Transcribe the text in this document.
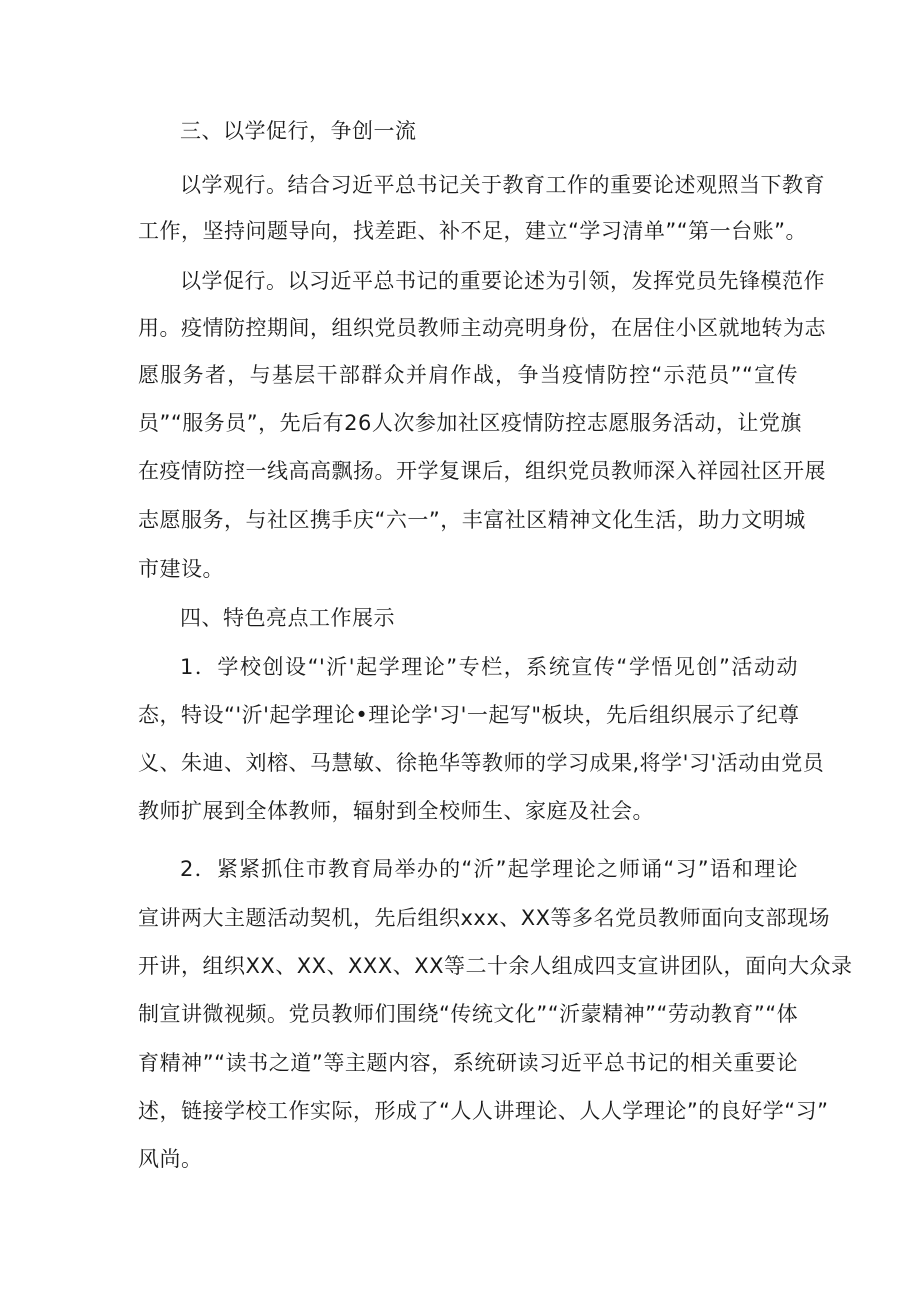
三、以学促行，争创一流
以学观行。结合习近平总书记关于教育工作的重要论述观照当下教育
工作，坚持问题导向，找差距、补不足，建立“学习清单”“第一台账”。
以学促行。以习近平总书记的重要论述为引领，发挥党员先锋模范作
用。疫情防控期间，组织党员教师主动亮明身份，在居住小区就地转为志
愿服务者，与基层干部群众并肩作战，争当疫情防控“示范员”“宣传
员”“服务员”，先后有26人次参加社区疫情防控志愿服务活动，让党旗
在疫情防控一线高高飘扬。开学复课后，组织党员教师深入祥园社区开展
志愿服务，与社区携手庆“六一”，丰富社区精神文化生活，助力文明城
市建设。
四、特色亮点工作展示
1．学校创设“'沂'起学理论”专栏，系统宣传“学悟见创”活动动
态，特设“'沂'起学理论•理论学'习'一起写"板块，先后组织展示了纪尊
义、朱迪、刘榕、马慧敏、徐艳华等教师的学习成果,将学'习'活动由党员
教师扩展到全体教师，辐射到全校师生、家庭及社会。
2．紧紧抓住市教育局举办的“沂”起学理论之师诵“习”语和理论
宣讲两大主题活动契机，先后组织xxx、XX等多名党员教师面向支部现场
开讲，组织XX、XX、XXX、XX等二十余人组成四支宣讲团队，面向大众录
制宣讲微视频。党员教师们围绕“传统文化”“沂蒙精神”“劳动教育”“体
育精神”“读书之道”等主题内容，系统研读习近平总书记的相关重要论
述，链接学校工作实际，形成了“人人讲理论、人人学理论”的良好学“习”
风尚。
